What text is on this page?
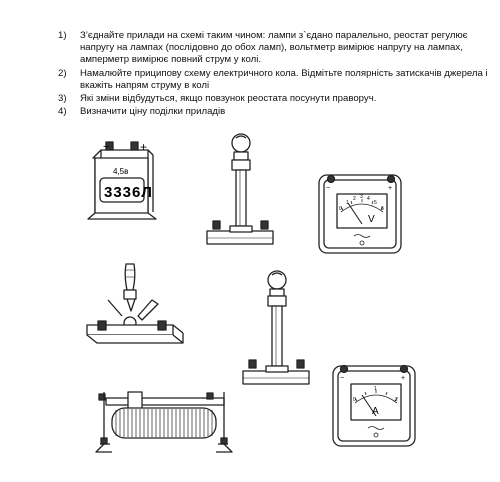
1) З’єднайте прилади на схемі таким чином: лампи з`єдано паралельно, реостат регулює напругу на лампах (послідовно до обох ламп), вольтметр вимірює напругу на лампах, амперметр вимірює повний струм у колі.
2) Намалюйте приципову схему електричного кола. Відмітьте полярність затискачів джерела і вкажіть напрям струму в колі
3) Які зміни відбудуться, якщо повзунок реостата посунути праворуч.
4) Визначити ціну поділки приладів
−	+
4,5в
3336Л	−	+
0
1
2 3 4
5
6
V
−	+
0
1
2
A
